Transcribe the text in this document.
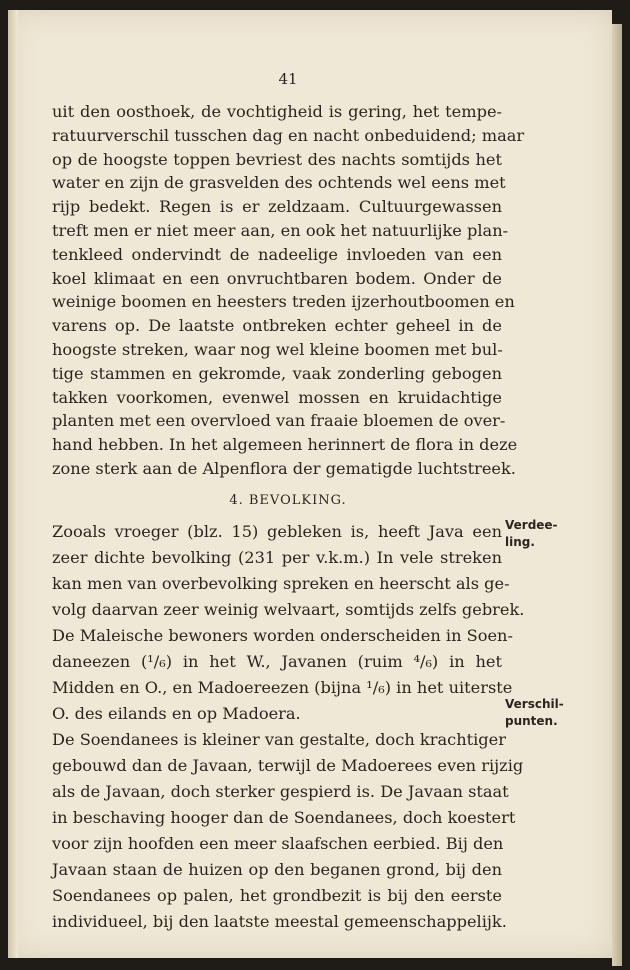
41
uit den oosthoek, de vochtigheid is gering, het tempe-
ratuurverschil tusschen dag en nacht onbeduidend; maar
op de hoogste toppen bevriest des nachts somtijds het
water en zijn de grasvelden des ochtends wel eens met
rijp bedekt. Regen is er zeldzaam. Cultuurgewassen
treft men er niet meer aan, en ook het natuurlijke plan-
tenkleed ondervindt de nadeelige invloeden van een
koel klimaat en een onvruchtbaren bodem. Onder de
weinige boomen en heesters treden ijzerhoutboomen en
varens op. De laatste ontbreken echter geheel in de
hoogste streken, waar nog wel kleine boomen met bul-
tige stammen en gekromde, vaak zonderling gebogen
takken voorkomen, evenwel mossen en kruidachtige
planten met een overvloed van fraaie bloemen de over-
hand hebben. In het algemeen herinnert de flora in deze
zone sterk aan de Alpenflora der gematigde luchtstreek.
4. BEVOLKING.
Zooals vroeger (blz. 15) gebleken is, heeft Java een
zeer dichte bevolking (231 per v.k.m.) In vele streken
kan men van overbevolking spreken en heerscht als ge-
volg daarvan zeer weinig welvaart, somtijds zelfs gebrek.
De Maleische bewoners worden onderscheiden in Soen-
daneezen (¹/₆) in het W., Javanen (ruim ⁴/₆) in het
Midden en O., en Madoereezen (bijna ¹/₆) in het uiterste
O. des eilands en op Madoera.
De Soendanees is kleiner van gestalte, doch krachtiger
gebouwd dan de Javaan, terwijl de Madoerees even rijzig
als de Javaan, doch sterker gespierd is. De Javaan staat
in beschaving hooger dan de Soendanees, doch koestert
voor zijn hoofden een meer slaafschen eerbied. Bij den
Javaan staan de huizen op den beganen grond, bij den
Soendanees op palen, het grondbezit is bij den eerste
individueel, bij den laatste meestal gemeenschappelijk.
Verdee-
ling.
Verschil-
punten.
